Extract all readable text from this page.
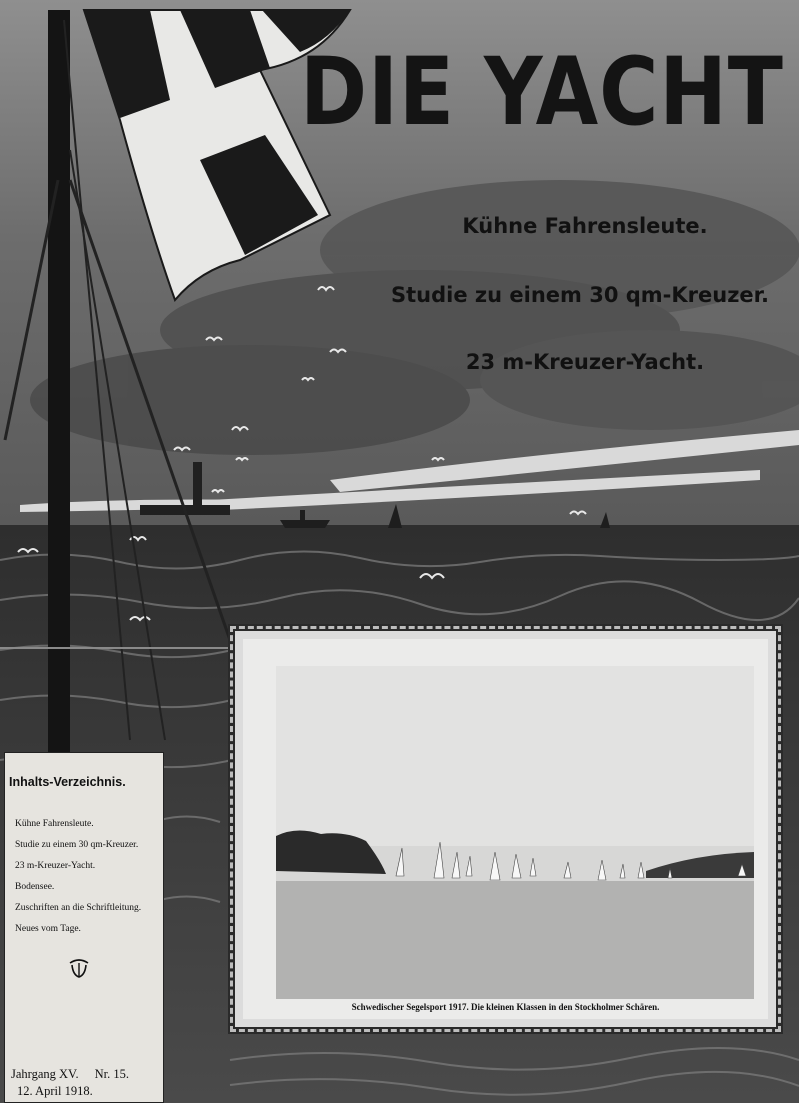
DIE YACHT
Kühne Fahrensleute.
Studie zu einem 30 qm-Kreuzer.
23 m-Kreuzer-Yacht.
Inhalts-Verzeichnis.
Kühne Fahrensleute.
Studie zu einem 30 qm-Kreuzer.
23 m-Kreuzer-Yacht.
Bodensee.
Zuschriften an die Schriftleitung.
Neues vom Tage.
Jahrgang XV. Nr. 15.
12. April 1918.
Schwedischer Segelsport 1917. Die kleinen Klassen in den Stockholmer Schären.
